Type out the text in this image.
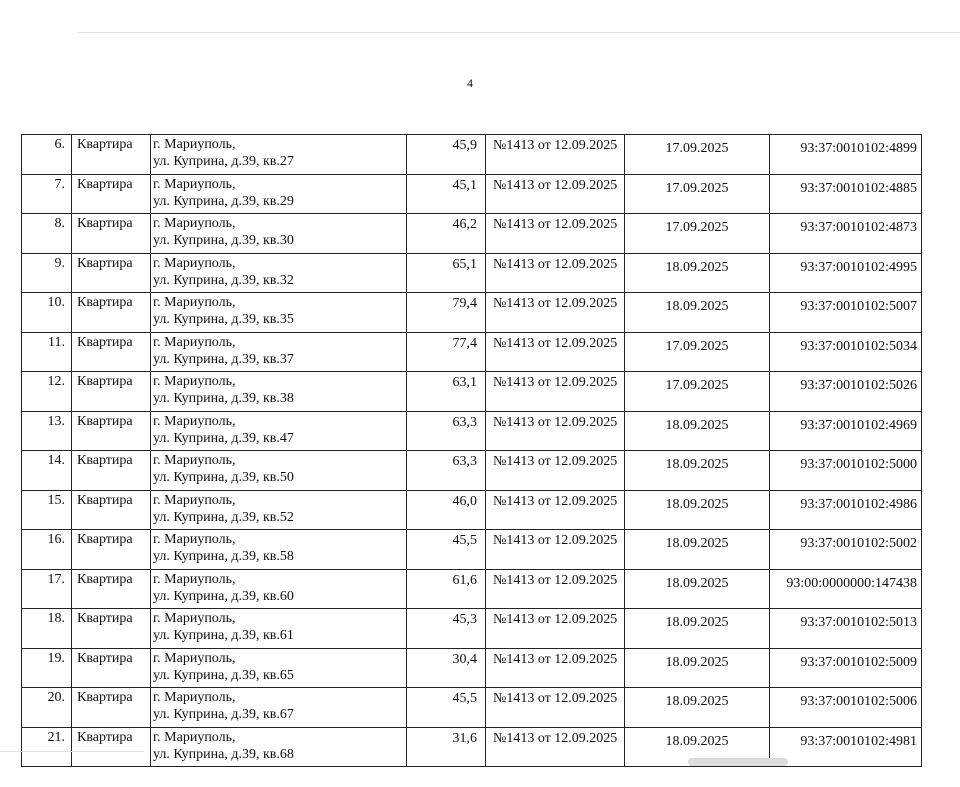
4
6.	Квартира	г. Мариуполь,
ул. Куприна, д.39, кв.27	45,9	№1413 от 12.09.2025	17.09.2025	93:37:0010102:4899
7.	Квартира	г. Мариуполь,
ул. Куприна, д.39, кв.29	45,1	№1413 от 12.09.2025	17.09.2025	93:37:0010102:4885
8.	Квартира	г. Мариуполь,
ул. Куприна, д.39, кв.30	46,2	№1413 от 12.09.2025	17.09.2025	93:37:0010102:4873
9.	Квартира	г. Мариуполь,
ул. Куприна, д.39, кв.32	65,1	№1413 от 12.09.2025	18.09.2025	93:37:0010102:4995
10.	Квартира	г. Мариуполь,
ул. Куприна, д.39, кв.35	79,4	№1413 от 12.09.2025	18.09.2025	93:37:0010102:5007
11.	Квартира	г. Мариуполь,
ул. Куприна, д.39, кв.37	77,4	№1413 от 12.09.2025	17.09.2025	93:37:0010102:5034
12.	Квартира	г. Мариуполь,
ул. Куприна, д.39, кв.38	63,1	№1413 от 12.09.2025	17.09.2025	93:37:0010102:5026
13.	Квартира	г. Мариуполь,
ул. Куприна, д.39, кв.47	63,3	№1413 от 12.09.2025	18.09.2025	93:37:0010102:4969
14.	Квартира	г. Мариуполь,
ул. Куприна, д.39, кв.50	63,3	№1413 от 12.09.2025	18.09.2025	93:37:0010102:5000
15.	Квартира	г. Мариуполь,
ул. Куприна, д.39, кв.52	46,0	№1413 от 12.09.2025	18.09.2025	93:37:0010102:4986
16.	Квартира	г. Мариуполь,
ул. Куприна, д.39, кв.58	45,5	№1413 от 12.09.2025	18.09.2025	93:37:0010102:5002
17.	Квартира	г. Мариуполь,
ул. Куприна, д.39, кв.60	61,6	№1413 от 12.09.2025	18.09.2025	93:00:0000000:147438
18.	Квартира	г. Мариуполь,
ул. Куприна, д.39, кв.61	45,3	№1413 от 12.09.2025	18.09.2025	93:37:0010102:5013
19.	Квартира	г. Мариуполь,
ул. Куприна, д.39, кв.65	30,4	№1413 от 12.09.2025	18.09.2025	93:37:0010102:5009
20.	Квартира	г. Мариуполь,
ул. Куприна, д.39, кв.67	45,5	№1413 от 12.09.2025	18.09.2025	93:37:0010102:5006
21.	Квартира	г. Мариуполь,
ул. Куприна, д.39, кв.68	31,6	№1413 от 12.09.2025	18.09.2025	93:37:0010102:4981
